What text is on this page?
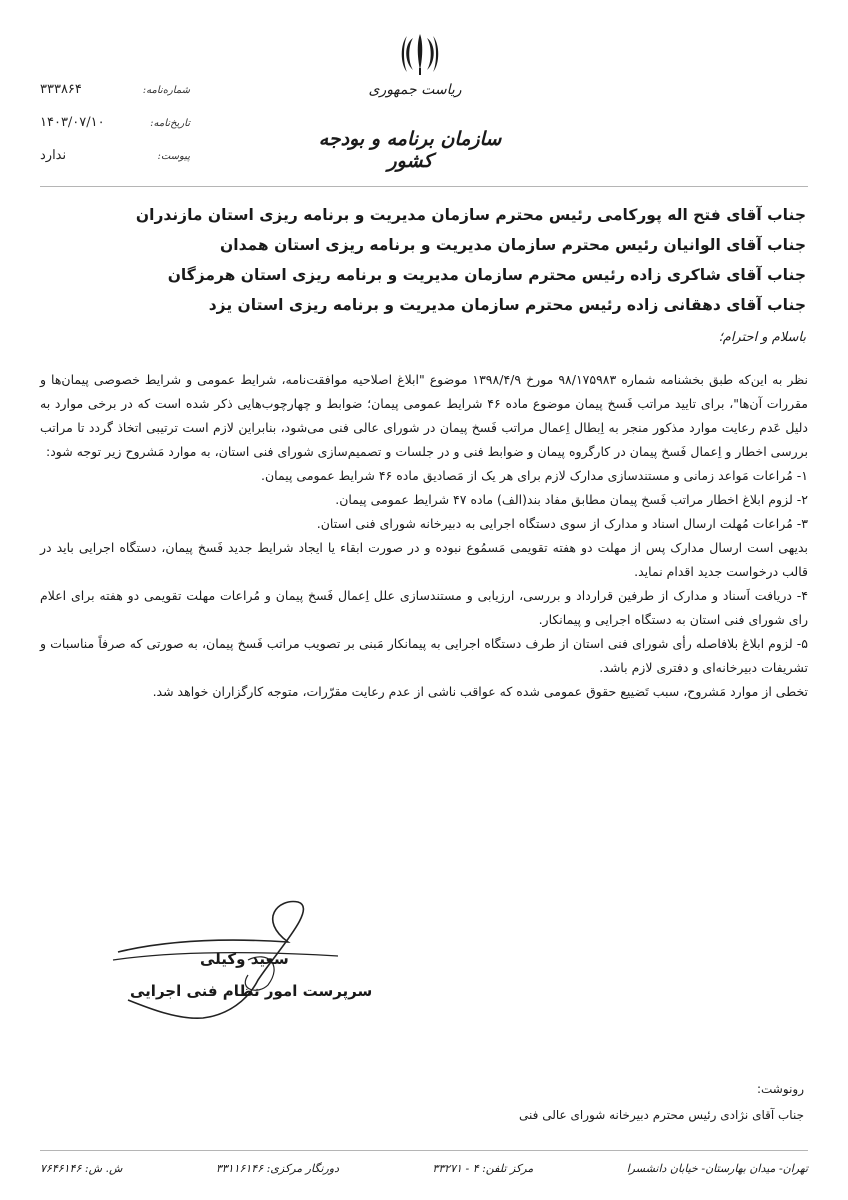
ریاست جمهوری
سازمان برنامه و بودجه کشور
شماره‌نامه:
۳۳۳۸۶۴
تاریخ‌نامه:
۱۴۰۳/۰۷/۱۰
پیوست:
ندارد
جناب آقای فتح اله پورکامی رئیس محترم سازمان مدیریت و برنامه ریزی استان مازندران
جناب آقای الوانیان رئیس محترم سازمان مدیریت و برنامه ریزی استان همدان
جناب آقای شاکری زاده رئیس محترم سازمان مدیریت و برنامه ریزی استان هرمزگان
جناب آقای دهقانی زاده رئیس محترم سازمان مدیریت و برنامه ریزی استان یزد
باسلام و احترام؛

نظر به این‌که طبق بخشنامه شماره ۹۸/۱۷۵۹۸۳ مورخ ۱۳۹۸/۴/۹ موضوع "ابلاغ اصلاحیه موافقت‌نامه، شرایط عمومی و شرایط خصوصی پیمان‌ها و مقررات آن‌ها"، برای تایید مراتب فَسخ پیمان موضوع ماده ۴۶ شرایط عمومی پیمان؛ ضوابط و چهارچوب‌هایی ذکر شده است که در برخی موارد به دلیل عَدم رعایت موارد مذکور منجر به اِبطال اِعمال مراتب فَسخ پیمان در شورای عالی فنی می‌شود، بنابراین لازم است ترتیبی اتخاذ گردد تا مراتب بررسی اخطار و اِعمال فَسخ پیمان در کارگروه پیمان و ضوابط فنی و در جلسات و تصمیم‌سازی شورای فنی استان، به موارد مَشروح زیر توجه شود:

۱- مُراعات مَواعد زمانی و مستندسازی مدارک لازم برای هر یک از مَصادیق ماده ۴۶ شرایط عمومی پیمان.

۲- لزوم ابلاغ اخطار مراتب فَسخ پیمان مطابق مفاد بند(الف) ماده ۴۷ شرایط عمومی پیمان.

۳- مُراعات مُهلت ارسال اسناد و مدارک از سوی دستگاه اجرایی به دبیرخانه شورای فنی استان.

بدیهی است ارسال مدارک پس از مهلت دو هفته تقویمی مَسمُوع نبوده و در صورت ابقاء یا ایجاد شرایط جدید فَسخ پیمان، دستگاه اجرایی باید در قالب درخواست جدید اقدام نماید.

۴- دریافت اَسناد و مدارک از طرفین قرارداد و بررسی، ارزیابی و مستندسازی علل اِعمال فَسخ پیمان و مُراعات مهلت تقویمی دو هفته برای اعلام رای شورای فنی استان به دستگاه اجرایی و پیمانکار.

۵- لزوم ابلاغ بلافاصله رأی شورای فنی استان از طرف دستگاه اجرایی به پیمانکار مَبنی بر تصویب مراتب فَسخ پیمان، به صورتی که صرفاً مناسبات و تشریفات دبیرخانه‌ای و دفتری لازم باشد.

تخطی از موارد مَشروح، سبب تَضییع حقوق عمومی شده که عواقب ناشی از عدم رعایت مقرّرات، متوجه کارگزاران خواهد شد.

سعید وکیلی
سرپرست امور نظام فنی اجرایی
رونوشت:
جناب آقای نژادی رئیس محترم دبیرخانه شورای عالی فنی
تهران- میدان بهارستان- خیابان دانشسرا
مرکز تلفن: ۴ - ۳۳۲۷۱
دورنگار مرکزی: ۳۳۱۱۶۱۴۶
ش. ش: ۷۶۴۶۱۴۶
